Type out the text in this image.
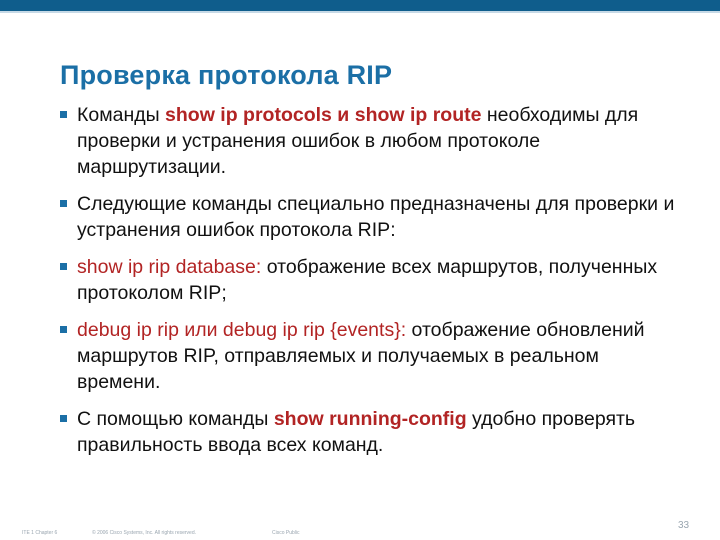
Проверка протокола RIP
Команды show ip protocols и show ip route необходимы для проверки и устранения ошибок в любом протоколе маршрутизации.
Следующие команды специально предназначены для проверки и устранения ошибок протокола RIP:
show ip rip database: отображение всех маршрутов, полученных протоколом RIP;
debug ip rip или debug ip rip {events}: отображение обновлений маршрутов RIP, отправляемых и получаемых в реальном времени.
С помощью команды show running-config удобно проверять правильность ввода всех команд.
ITE 1 Chapter 6	© 2006 Cisco Systems, Inc. All rights reserved.	Cisco Public
33
